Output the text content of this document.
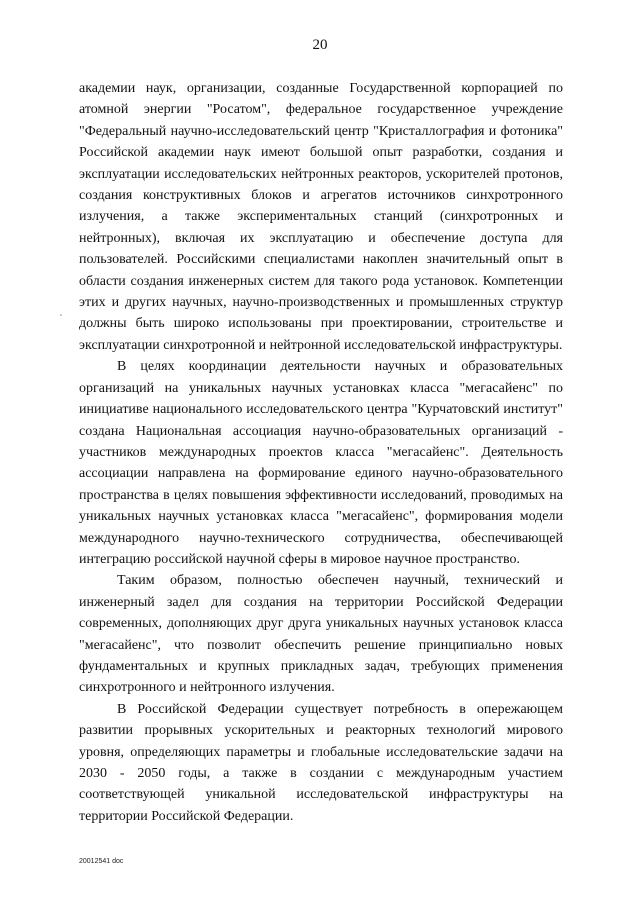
20

академии наук, организации, созданные Государственной корпорацией по атомной энергии "Росатом", федеральное государственное учреждение "Федеральный научно-исследовательский центр "Кристаллография и фотоника" Российской академии наук имеют большой опыт разработки, создания и эксплуатации исследовательских нейтронных реакторов, ускорителей протонов, создания конструктивных блоков и агрегатов источников синхротронного излучения, а также экспериментальных станций (синхротронных и нейтронных), включая их эксплуатацию и обеспечение доступа для пользователей. Российскими специалистами накоплен значительный опыт в области создания инженерных систем для такого рода установок. Компетенции этих и других научных, научно-производственных и промышленных структур должны быть широко использованы при проектировании, строительстве и эксплуатации синхротронной и нейтронной исследовательской инфраструктуры.

В целях координации деятельности научных и образовательных организаций на уникальных научных установках класса "мегасайенс" по инициативе национального исследовательского центра "Курчатовский институт" создана Национальная ассоциация научно-образовательных организаций - участников международных проектов класса "мегасайенс". Деятельность ассоциации направлена на формирование единого научно-образовательного пространства в целях повышения эффективности исследований, проводимых на уникальных научных установках класса "мегасайенс", формирования модели международного научно-технического сотрудничества, обеспечивающей интеграцию российской научной сферы в мировое научное пространство.

Таким образом, полностью обеспечен научный, технический и инженерный задел для создания на территории Российской Федерации современных, дополняющих друг друга уникальных научных установок класса "мегасайенс", что позволит обеспечить решение принципиально новых фундаментальных и крупных прикладных задач, требующих применения синхротронного и нейтронного излучения.

В Российской Федерации существует потребность в опережающем развитии прорывных ускорительных и реакторных технологий мирового уровня, определяющих параметры и глобальные исследовательские задачи на 2030 - 2050 годы, а также в создании с международным участием соответствующей уникальной исследовательской инфраструктуры на территории Российской Федерации.

20012541 doc
